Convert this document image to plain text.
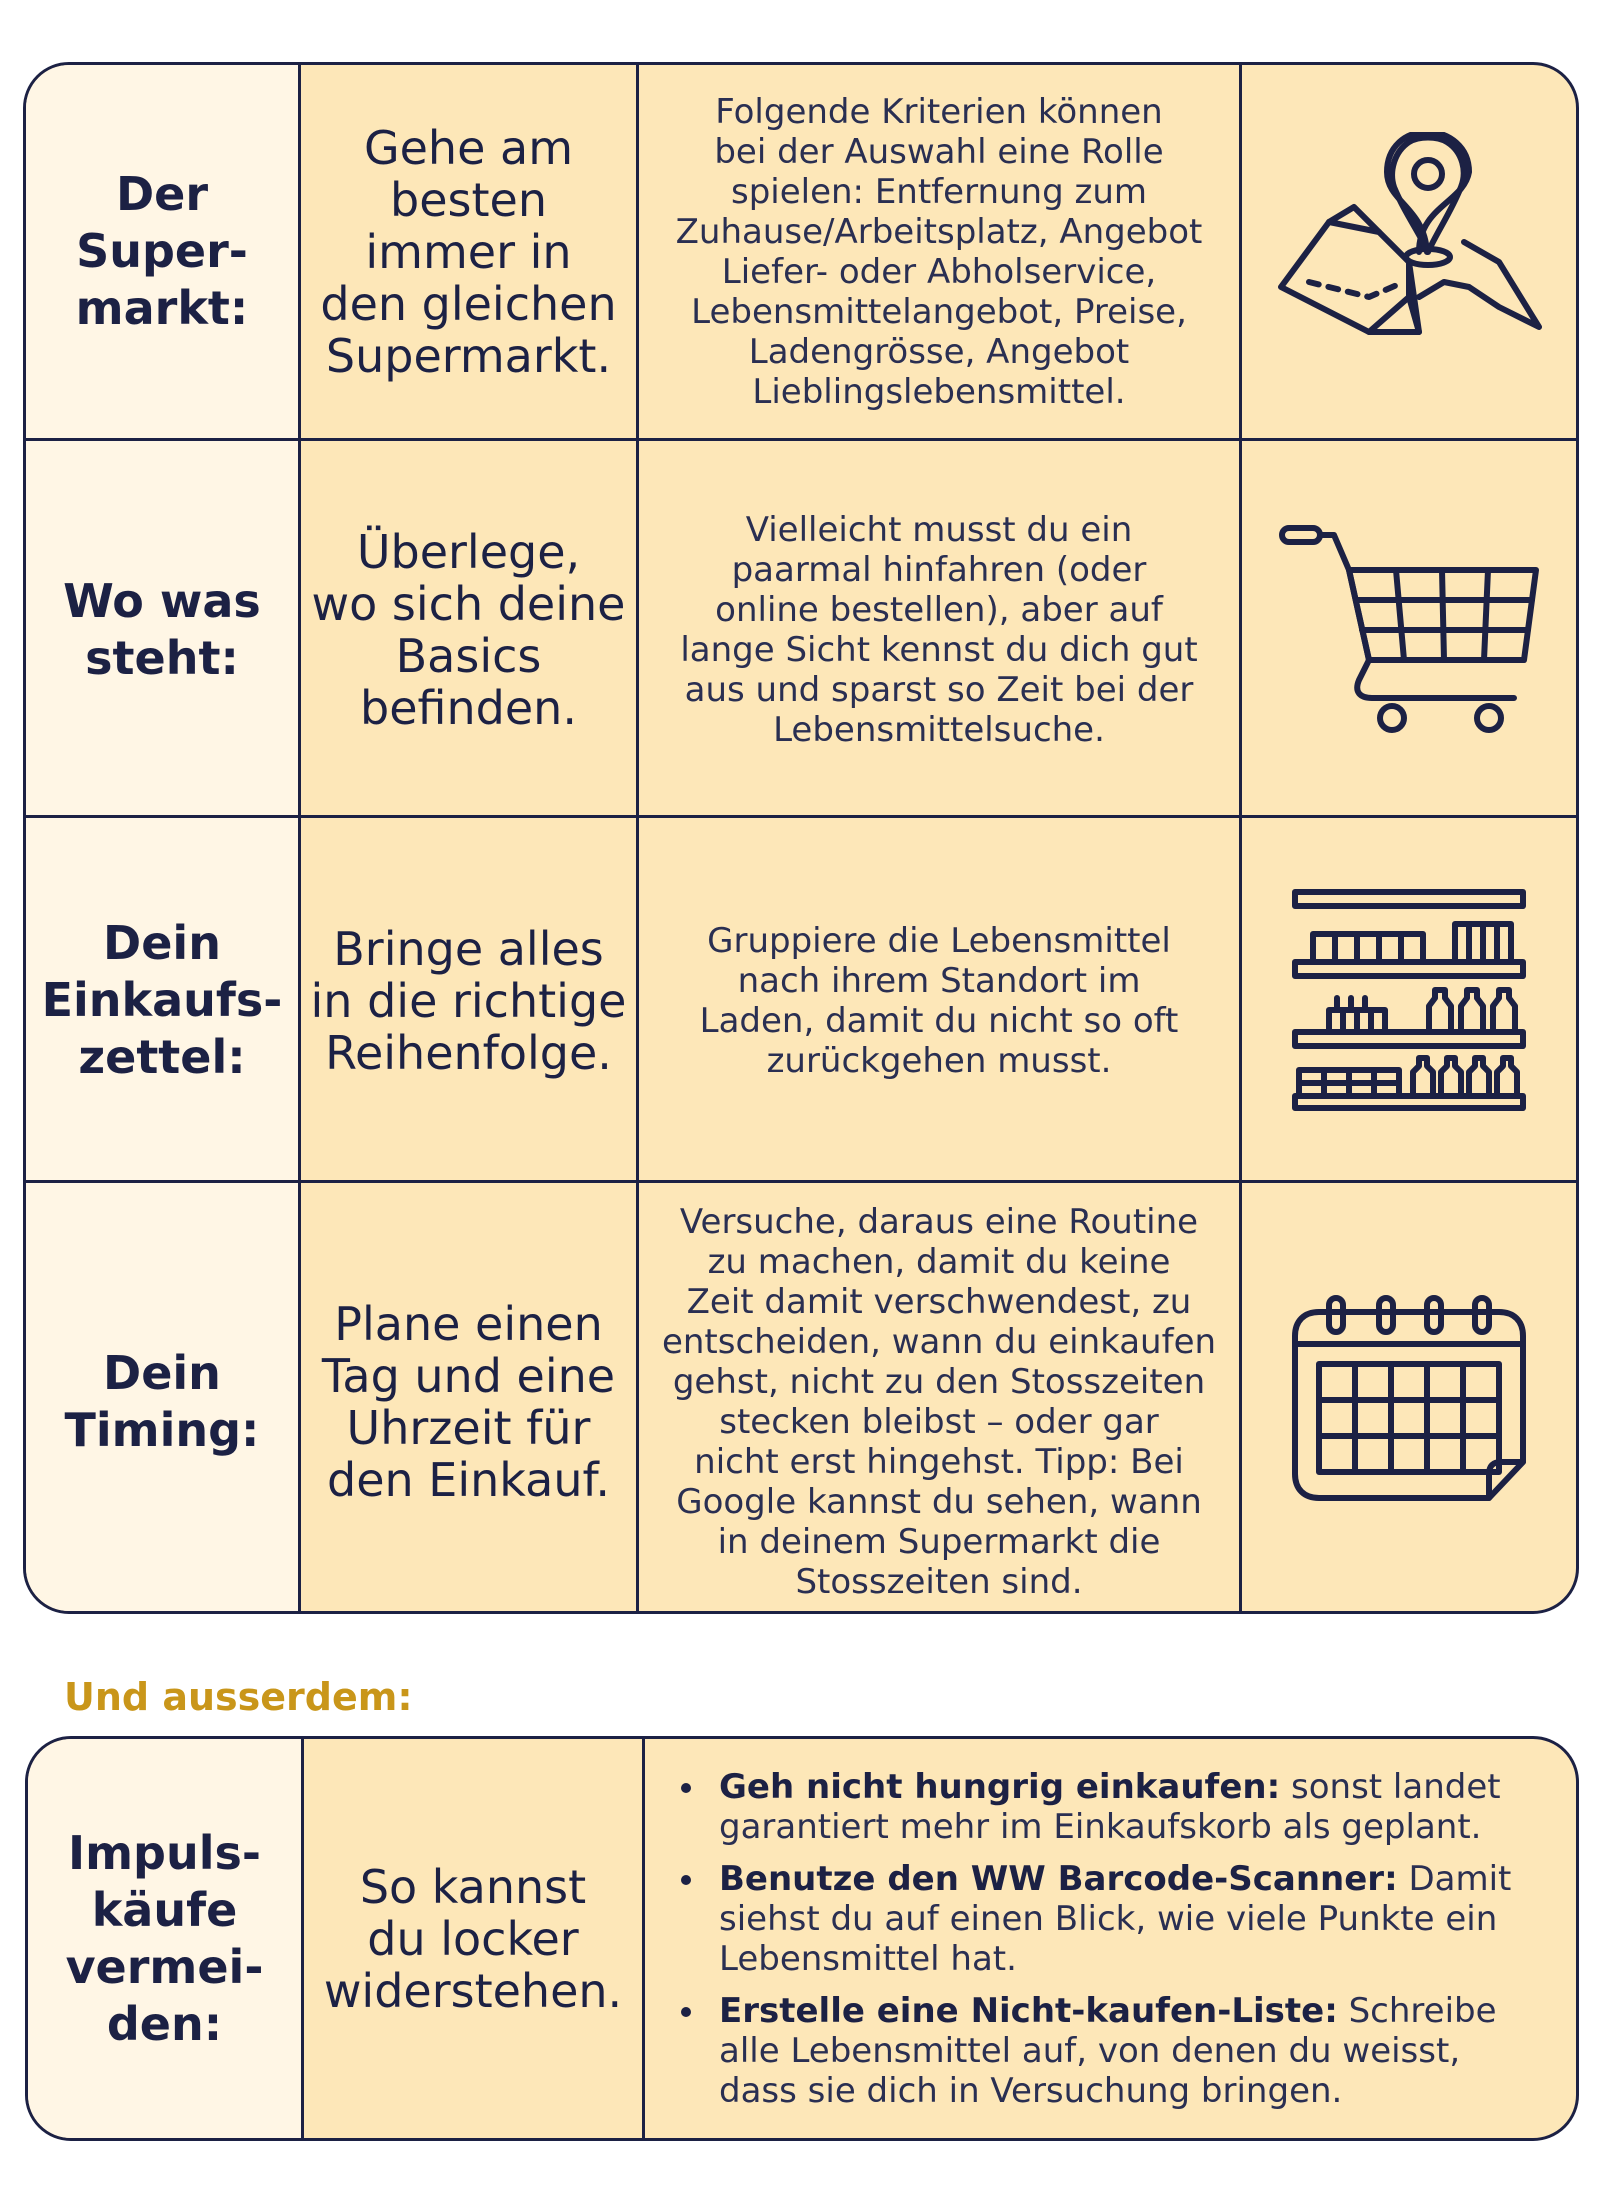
Der
Super-
markt:
Gehe am
besten
immer in
den gleichen
Supermarkt.
Folgende Kriterien können
bei der Auswahl eine Rolle
spielen: Entfernung zum
Zuhause/Arbeitsplatz, Angebot
Liefer- oder Abholservice,
Lebensmittelangebot, Preise,
Ladengrösse, Angebot
Lieblingslebensmittel.
Wo was
steht:
Überlege,
wo sich deine
Basics
befinden.
Vielleicht musst du ein
paarmal hinfahren (oder
online bestellen), aber auf
lange Sicht kennst du dich gut
aus und sparst so Zeit bei der
Lebensmittelsuche.
Dein
Einkaufs-
zettel:
Bringe alles
in die richtige
Reihenfolge.
Gruppiere die Lebensmittel
nach ihrem Standort im
Laden, damit du nicht so oft
zurückgehen musst.
Dein
Timing:
Plane einen
Tag und eine
Uhrzeit für
den Einkauf.
Versuche, daraus eine Routine
zu machen, damit du keine
Zeit damit verschwendest, zu
entscheiden, wann du einkaufen
gehst, nicht zu den Stosszeiten
stecken bleibst – oder gar
nicht erst hingehst. Tipp: Bei
Google kannst du sehen, wann
in deinem Supermarkt die
Stosszeiten sind.
Und ausserdem:
Impuls-
käufe
vermei-
den:
So kannst
du locker
widerstehen.
Geh nicht hungrig einkaufen: sonst landet garantiert mehr im Einkaufskorb als geplant.
Benutze den WW Barcode-Scanner: Damit siehst du auf einen Blick, wie viele Punkte ein Lebensmittel hat.
Erstelle eine Nicht-kaufen-Liste: Schreibe alle Lebensmittel auf, von denen du weisst, dass sie dich in Versuchung bringen.
